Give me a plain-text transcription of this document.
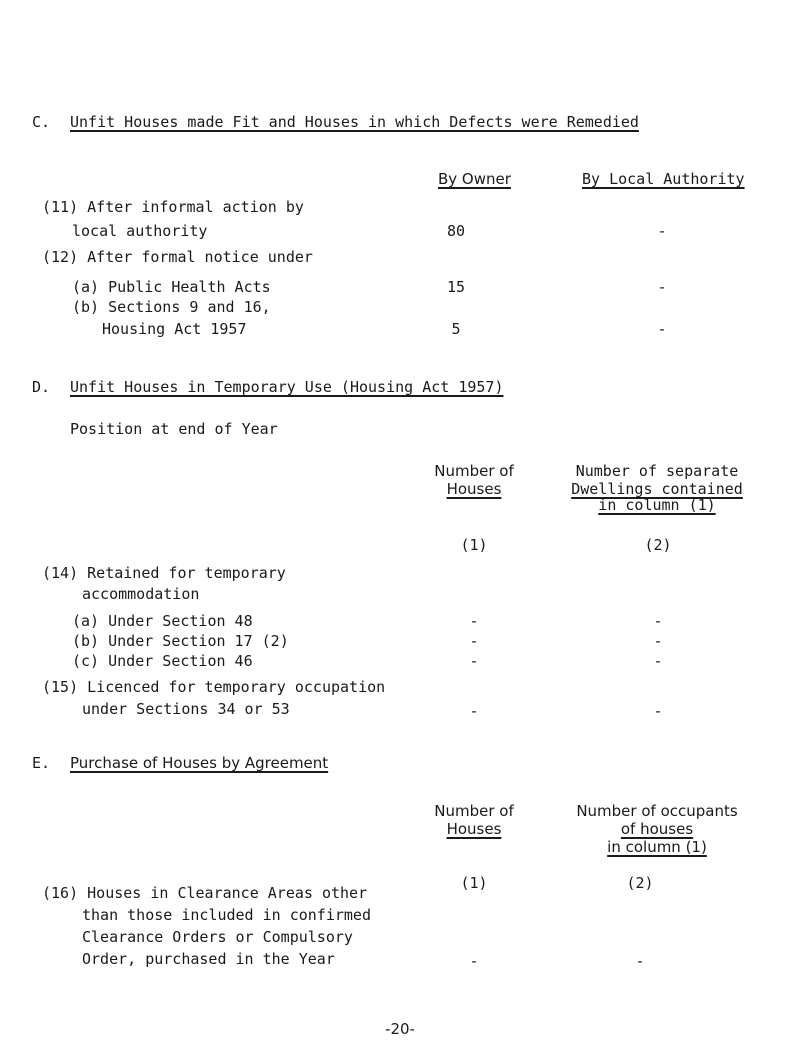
C. Unfit Houses made Fit and Houses in which Defects were Remedied
By Owner	By Local Authority
(11) After informal action by
local authority	80	-
(12) After formal notice under
(a) Public Health Acts	15	-
(b) Sections 9 and 16,
Housing Act 1957	5	-
D. Unfit Houses in Temporary Use (Housing Act 1957)
Position at end of Year
Number of
Houses
Number of separate
Dwellings contained
in column (1)
(1)	(2)
(14) Retained for temporary
accommodation
(a) Under Section 48	-	-
(b) Under Section 17 (2)	-	-
(c) Under Section 46	-	-
(15) Licenced for temporary occupation
under Sections 34 or 53	-	-
E. Purchase of Houses by Agreement
Number of
Houses
Number of occupants
of houses
in column (1)
(1)	(2)
(16) Houses in Clearance Areas other
than those included in confirmed
Clearance Orders or Compulsory
Order, purchased in the Year	-	-
-20-
